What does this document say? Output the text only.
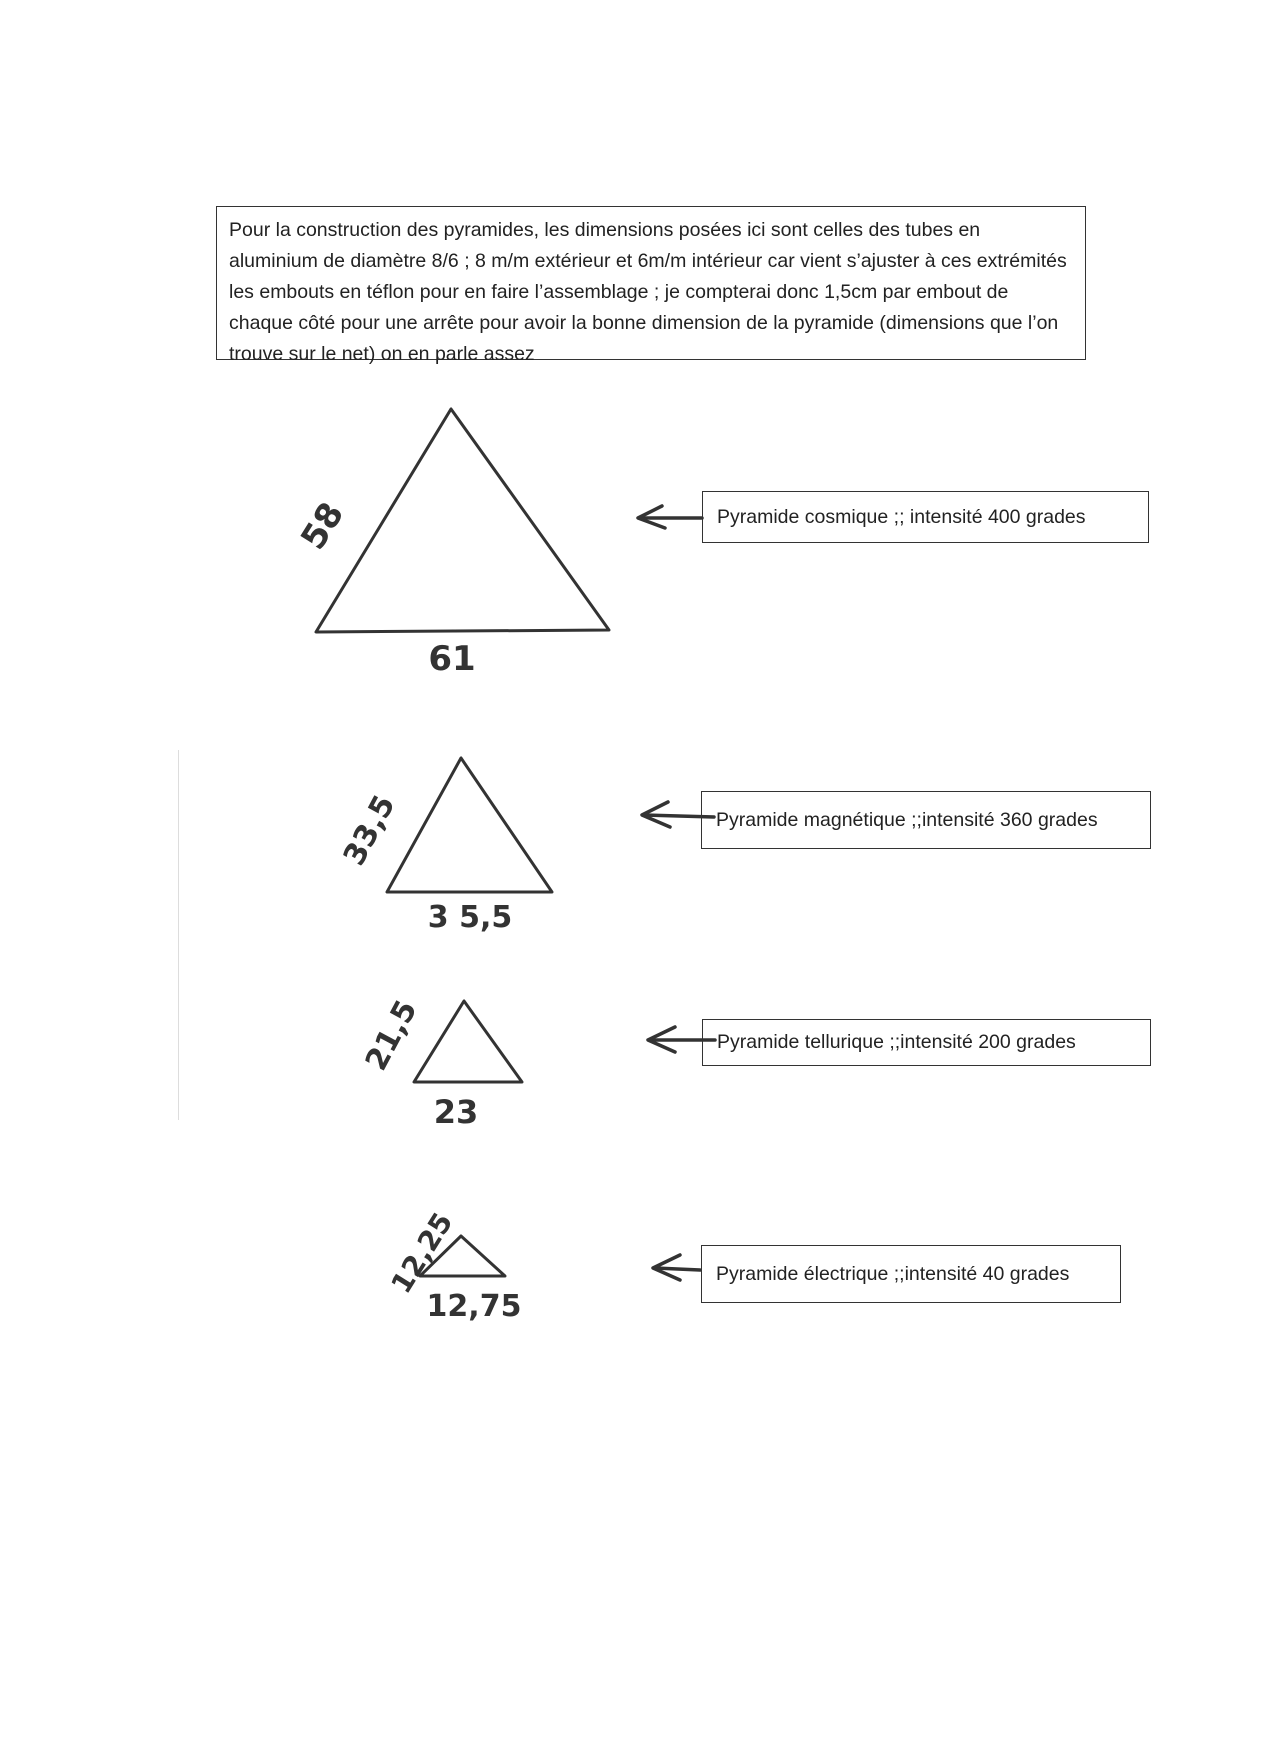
Pour la construction des pyramides, les dimensions posées ici sont celles des tubes en aluminium de diamètre 8/6 ; 8 m/m extérieur et 6m/m intérieur car vient s’ajuster à ces extrémités les embouts en téflon pour en faire l’assemblage ; je compterai donc 1,5cm par embout de chaque côté pour une arrête pour avoir la bonne dimension de la pyramide (dimensions que l’on trouve sur le net) on en parle assez
58
61
33,5
3 5,5
21,5
23
12,25
12,75
Pyramide cosmique ;; intensité 400 grades
Pyramide magnétique ;;intensité 360 grades
Pyramide tellurique ;;intensité 200 grades
Pyramide électrique ;;intensité 40 grades
